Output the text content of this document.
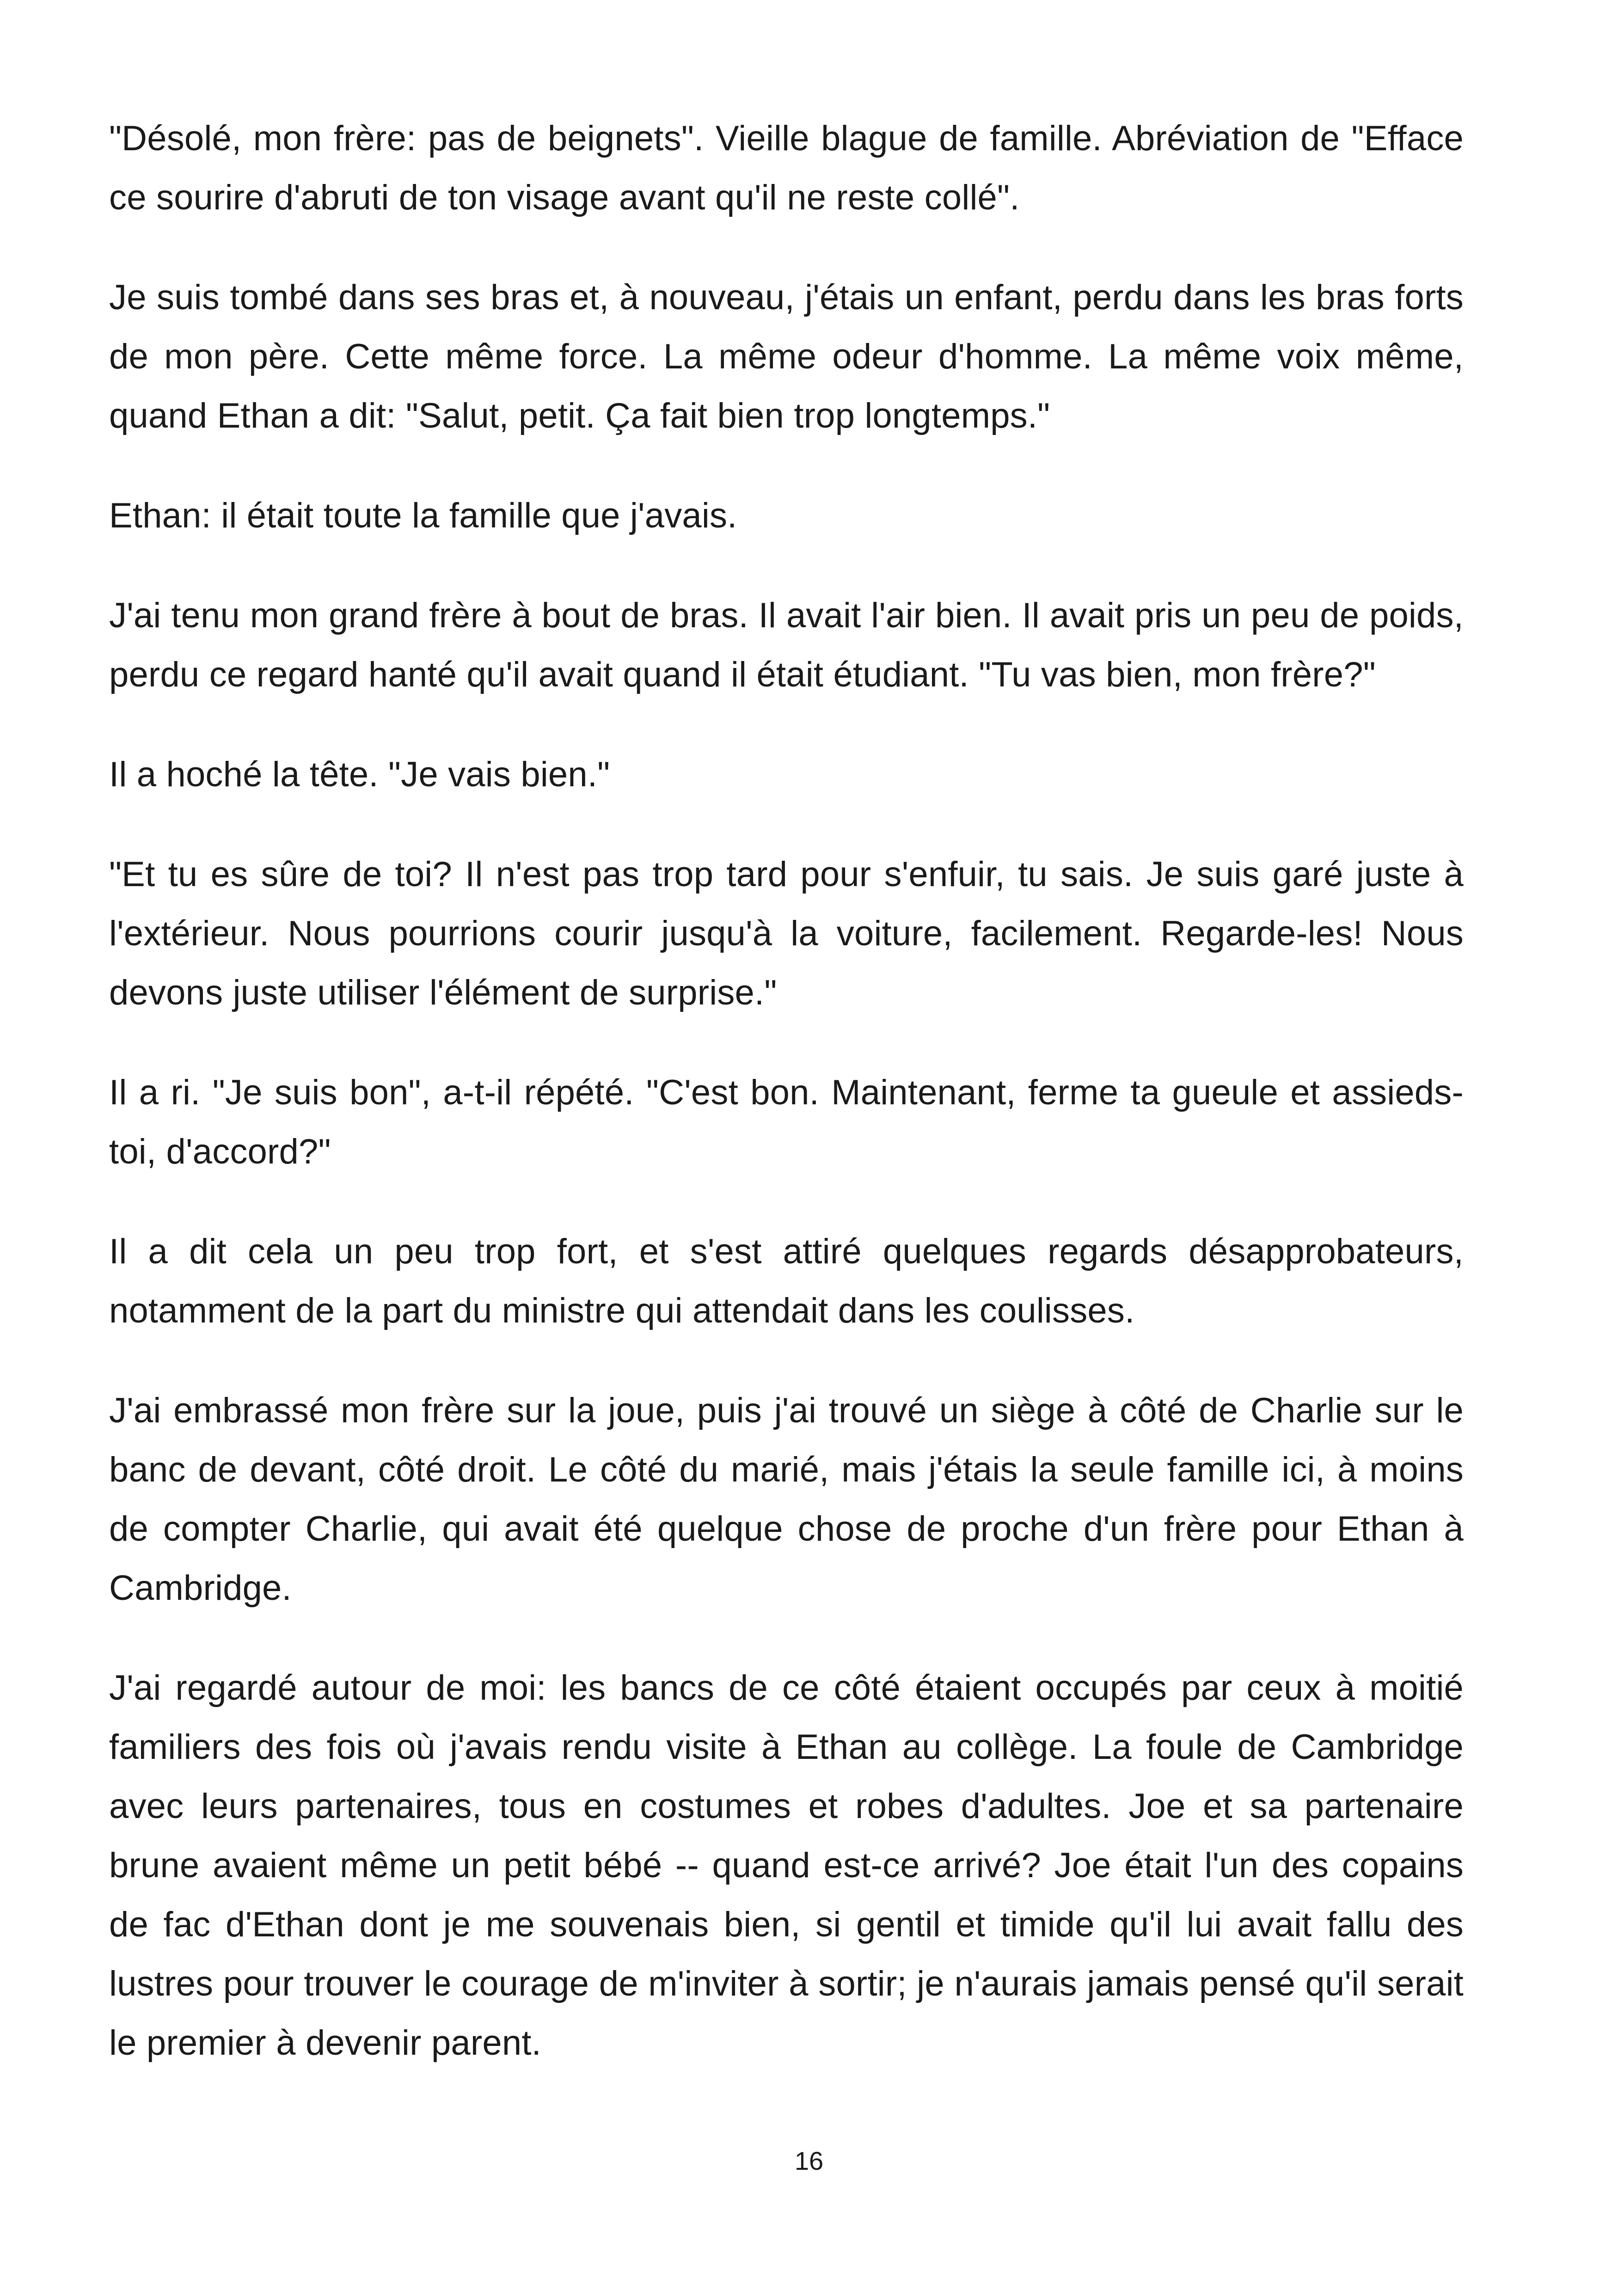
"Désolé, mon frère: pas de beignets". Vieille blague de famille. Abréviation de "Efface ce sourire d'abruti de ton visage avant qu'il ne reste collé".

Je suis tombé dans ses bras et, à nouveau, j'étais un enfant, perdu dans les bras forts de mon père. Cette même force. La même odeur d'homme. La même voix même, quand Ethan a dit: "Salut, petit. Ça fait bien trop longtemps."

Ethan: il était toute la famille que j'avais.

J'ai tenu mon grand frère à bout de bras. Il avait l'air bien. Il avait pris un peu de poids, perdu ce regard hanté qu'il avait quand il était étudiant. "Tu vas bien, mon frère?"

Il a hoché la tête. "Je vais bien."

"Et tu es sûre de toi? Il n'est pas trop tard pour s'enfuir, tu sais. Je suis garé juste à l'extérieur. Nous pourrions courir jusqu'à la voiture, facilement. Regarde-les! Nous devons juste utiliser l'élément de surprise."

Il a ri. "Je suis bon", a-t-il répété. "C'est bon. Maintenant, ferme ta gueule et assieds-toi, d'accord?"

Il a dit cela un peu trop fort, et s'est attiré quelques regards désapprobateurs, notamment de la part du ministre qui attendait dans les coulisses.

J'ai embrassé mon frère sur la joue, puis j'ai trouvé un siège à côté de Charlie sur le banc de devant, côté droit. Le côté du marié, mais j'étais la seule famille ici, à moins de compter Charlie, qui avait été quelque chose de proche d'un frère pour Ethan à Cambridge.

J'ai regardé autour de moi: les bancs de ce côté étaient occupés par ceux à moitié familiers des fois où j'avais rendu visite à Ethan au collège. La foule de Cambridge avec leurs partenaires, tous en costumes et robes d'adultes. Joe et sa partenaire brune avaient même un petit bébé -- quand est-ce arrivé? Joe était l'un des copains de fac d'Ethan dont je me souvenais bien, si gentil et timide qu'il lui avait fallu des lustres pour trouver le courage de m'inviter à sortir; je n'aurais jamais pensé qu'il serait le premier à devenir parent.

16
